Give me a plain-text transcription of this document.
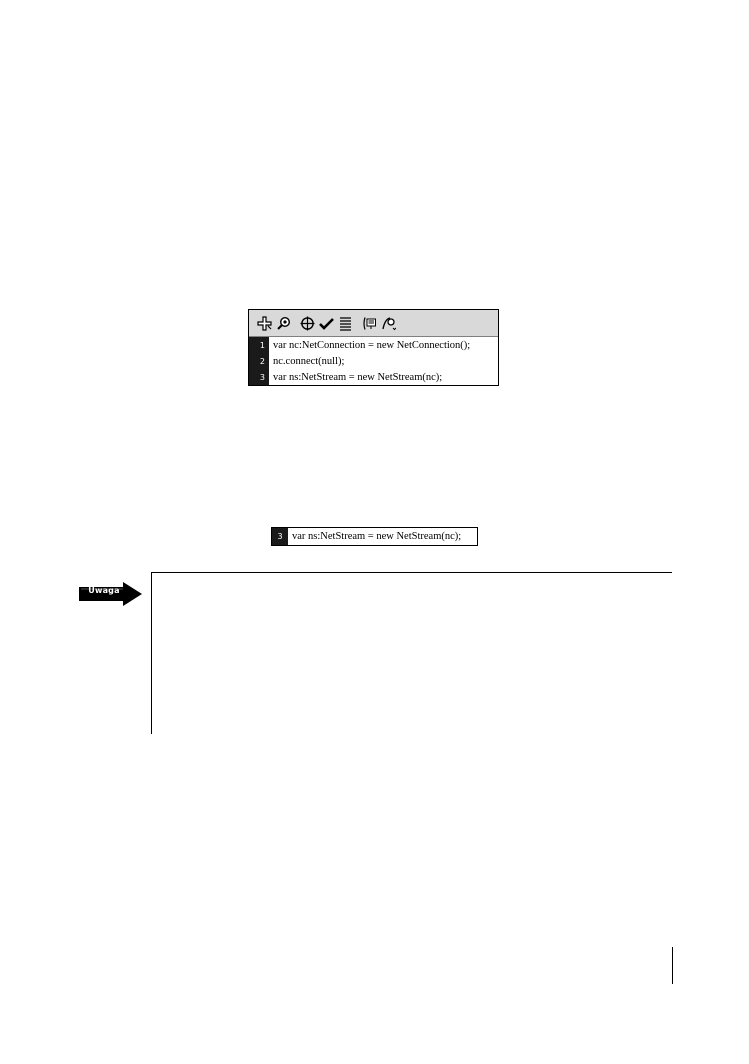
1 var nc:NetConnection = new NetConnection();
2 nc.connect(null);
3 var ns:NetStream = new NetStream(nc);
3 var ns:NetStream = new NetStream(nc);
Uwaga
